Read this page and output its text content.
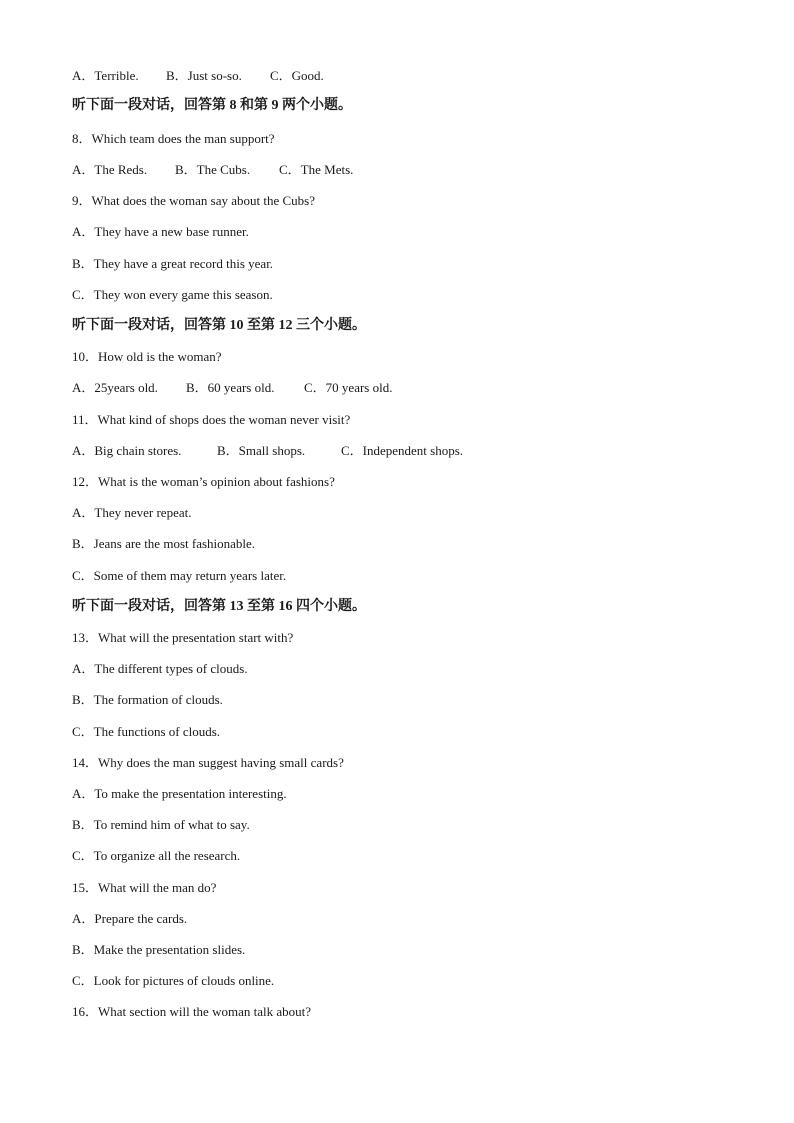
A．Terrible. B．Just so-so. C．Good.
听下面一段对话，回答第 8 和第 9 两个小题。
8．Which team does the man support?
A．The Reds. B．The Cubs. C．The Mets.
9．What does the woman say about the Cubs?
A．They have a new base runner.
B．They have a great record this year.
C．They won every game this season.
听下面一段对话，回答第 10 至第 12 三个小题。
10．How old is the woman?
A．25years old. B．60 years old. C．70 years old.
11．What kind of shops does the woman never visit?
A．Big chain stores.	B．Small shops.	C．Independent shops.
12．What is the woman’s opinion about fashions?
A．They never repeat.
B．Jeans are the most fashionable.
C．Some of them may return years later.
听下面一段对话，回答第 13 至第 16 四个小题。
13．What will the presentation start with?
A．The different types of clouds.
B．The formation of clouds.
C．The functions of clouds.
14．Why does the man suggest having small cards?
A．To make the presentation interesting.
B．To remind him of what to say.
C．To organize all the research.
15．What will the man do?
A．Prepare the cards.
B．Make the presentation slides.
C．Look for pictures of clouds online.
16．What section will the woman talk about?
